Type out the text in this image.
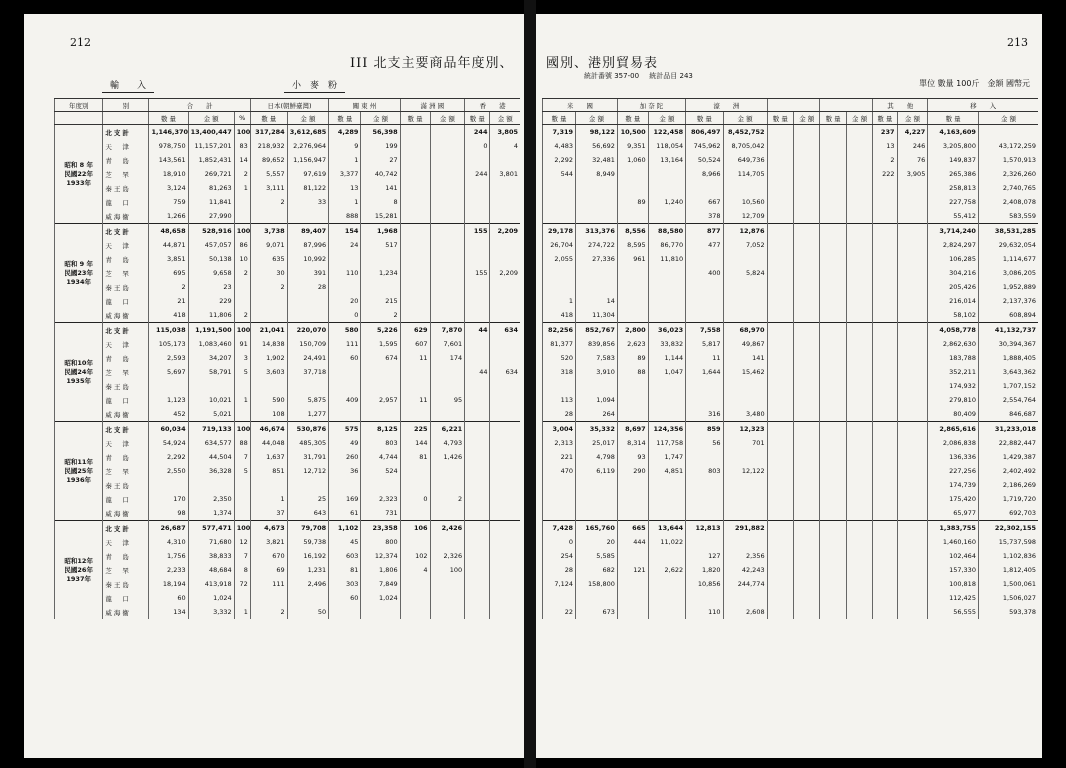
212
III 北支主要商品年度別、
輸　　入	小　麥　粉
年度別	別	合　　計			日本(朝鮮臺灣)		關 東 州		滿 洲 國		香　　港	
		數 量	金 額	%	數 量	金 額	數 量	金 額	數 量	金 額	數 量	金 額

昭和 8 年
民國22年
1933年	北支計	1,146,370	13,400,447	100	317,284	3,612,685	4,289	56,398			244	3,805
	天　津	978,750	11,157,201	83	218,932	2,276,964	9	199			0	4
	青　島	143,561	1,852,431	14	89,652	1,156,947	1	27				
	芝　罘	18,910	269,721	2	5,557	97,619	3,377	40,742			244	3,801
	秦王島	3,124	81,263	1	3,111	81,122	13	141				
	龍　口	759	11,841		2	33	1	8				
	威海衞	1,266	27,990				888	15,281				

昭和 9 年
民國23年
1934年	北支計	48,658	528,916	100	3,738	89,407	154	1,968			155	2,209
	天　津	44,871	457,057	86	9,071	87,996	24	517				
	青　島	3,851	50,138	10	635	10,992						
	芝　罘	695	9,658	2	30	391	110	1,234			155	2,209
	秦王島	2	23		2	28						
	龍　口	21	229				20	215				
	威海衞	418	11,806	2			0	2				

昭和10年
民國24年
1935年	北支計	115,038	1,191,500	100	21,041	220,070	580	5,226	629	7,870	44	634
	天　津	105,173	1,083,460	91	14,838	150,709	111	1,595	607	7,601		
	青　島	2,593	34,207	3	1,902	24,491	60	674	11	174		
	芝　罘	5,697	58,791	5	3,603	37,718					44	634
	秦王島											
	龍　口	1,123	10,021	1	590	5,875	409	2,957	11	95		
	威海衞	452	5,021		108	1,277						

昭和11年
民國25年
1936年	北支計	60,034	719,133	100	46,674	530,876	575	8,125	225	6,221		
	天　津	54,924	634,577	88	44,048	485,305	49	803	144	4,793		
	青　島	2,292	44,504	7	1,637	31,791	260	4,744	81	1,426		
	芝　罘	2,550	36,328	5	851	12,712	36	524				
	秦王島											
	龍　口	170	2,350		1	25	169	2,323	0	2		
	威海衞	98	1,374		37	643	61	731				

昭和12年
民國26年
1937年	北支計	26,687	577,471	100	4,673	79,708	1,102	23,358	106	2,426		
	天　津	4,310	71,680	12	3,821	59,738	45	800				
	青　島	1,756	38,833	7	670	16,192	603	12,374	102	2,326		
	芝　罘	2,233	48,684	8	69	1,231	81	1,806	4	100		
	秦王島	18,194	413,918	72	111	2,496	303	7,849				
	龍　口	60	1,024				60	1,024				
	威海衞	134	3,332	1	2	50						
213
國別、港別貿易表
統計番號 357-00 統計品目 243
單位 數量 100斤　金額 國幣元
米　　國		加 奈 陀		濠　　洲						其　　他		移　　入	
數 量	金 額	數 量	金 額	數 量	金 額	數 量	金 額	數 量	金 額	數 量	金 額	數 量	金 額
7,319	98,122	10,500	122,458	806,497	8,452,752					237	4,227	4,163,609	
4,483	56,692	9,351	118,054	745,962	8,705,042					13	246	3,205,800	43,172,259
2,292	32,481	1,060	13,164	50,524	649,736					2	76	149,837	1,570,913
544	8,949			8,966	114,705					222	3,905	265,386	2,326,260
												258,813	2,740,765
		89	1,240	667	10,560							227,758	2,408,078
				378	12,709							55,412	583,559
29,178	313,376	8,556	88,580	877	12,876							3,714,240	38,531,285
26,704	274,722	8,595	86,770	477	7,052							2,824,297	29,632,054
2,055	27,336	961	11,810									106,285	1,114,677
				400	5,824							304,216	3,086,205
												205,426	1,952,889
1	14											216,014	2,137,376
418	11,304											58,102	608,894
82,256	852,767	2,800	36,023	7,558	68,970							4,058,778	41,132,737
81,377	839,856	2,623	33,832	5,817	49,867							2,862,630	30,394,367
520	7,583	89	1,144	11	141							183,788	1,888,405
318	3,910	88	1,047	1,644	15,462							352,211	3,643,362
												174,932	1,707,152
113	1,094											279,810	2,554,764
28	264			316	3,480							80,409	846,687
3,004	35,332	8,697	124,356	859	12,323							2,865,616	31,233,018
2,313	25,017	8,314	117,758	56	701							2,086,838	22,882,447
221	4,798	93	1,747									136,336	1,429,387
470	6,119	290	4,851	803	12,122							227,256	2,402,492
												174,739	2,186,269
												175,420	1,719,720
												65,977	692,703
7,428	165,760	665	13,644	12,813	291,882							1,383,755	22,302,155
0	20	444	11,022									1,460,160	15,737,598
254	5,585			127	2,356							102,464	1,102,836
28	682	121	2,622	1,820	42,243							157,330	1,812,405
7,124	158,800			10,856	244,774							100,818	1,500,061
												112,425	1,506,027
22	673			110	2,608							56,555	593,378
